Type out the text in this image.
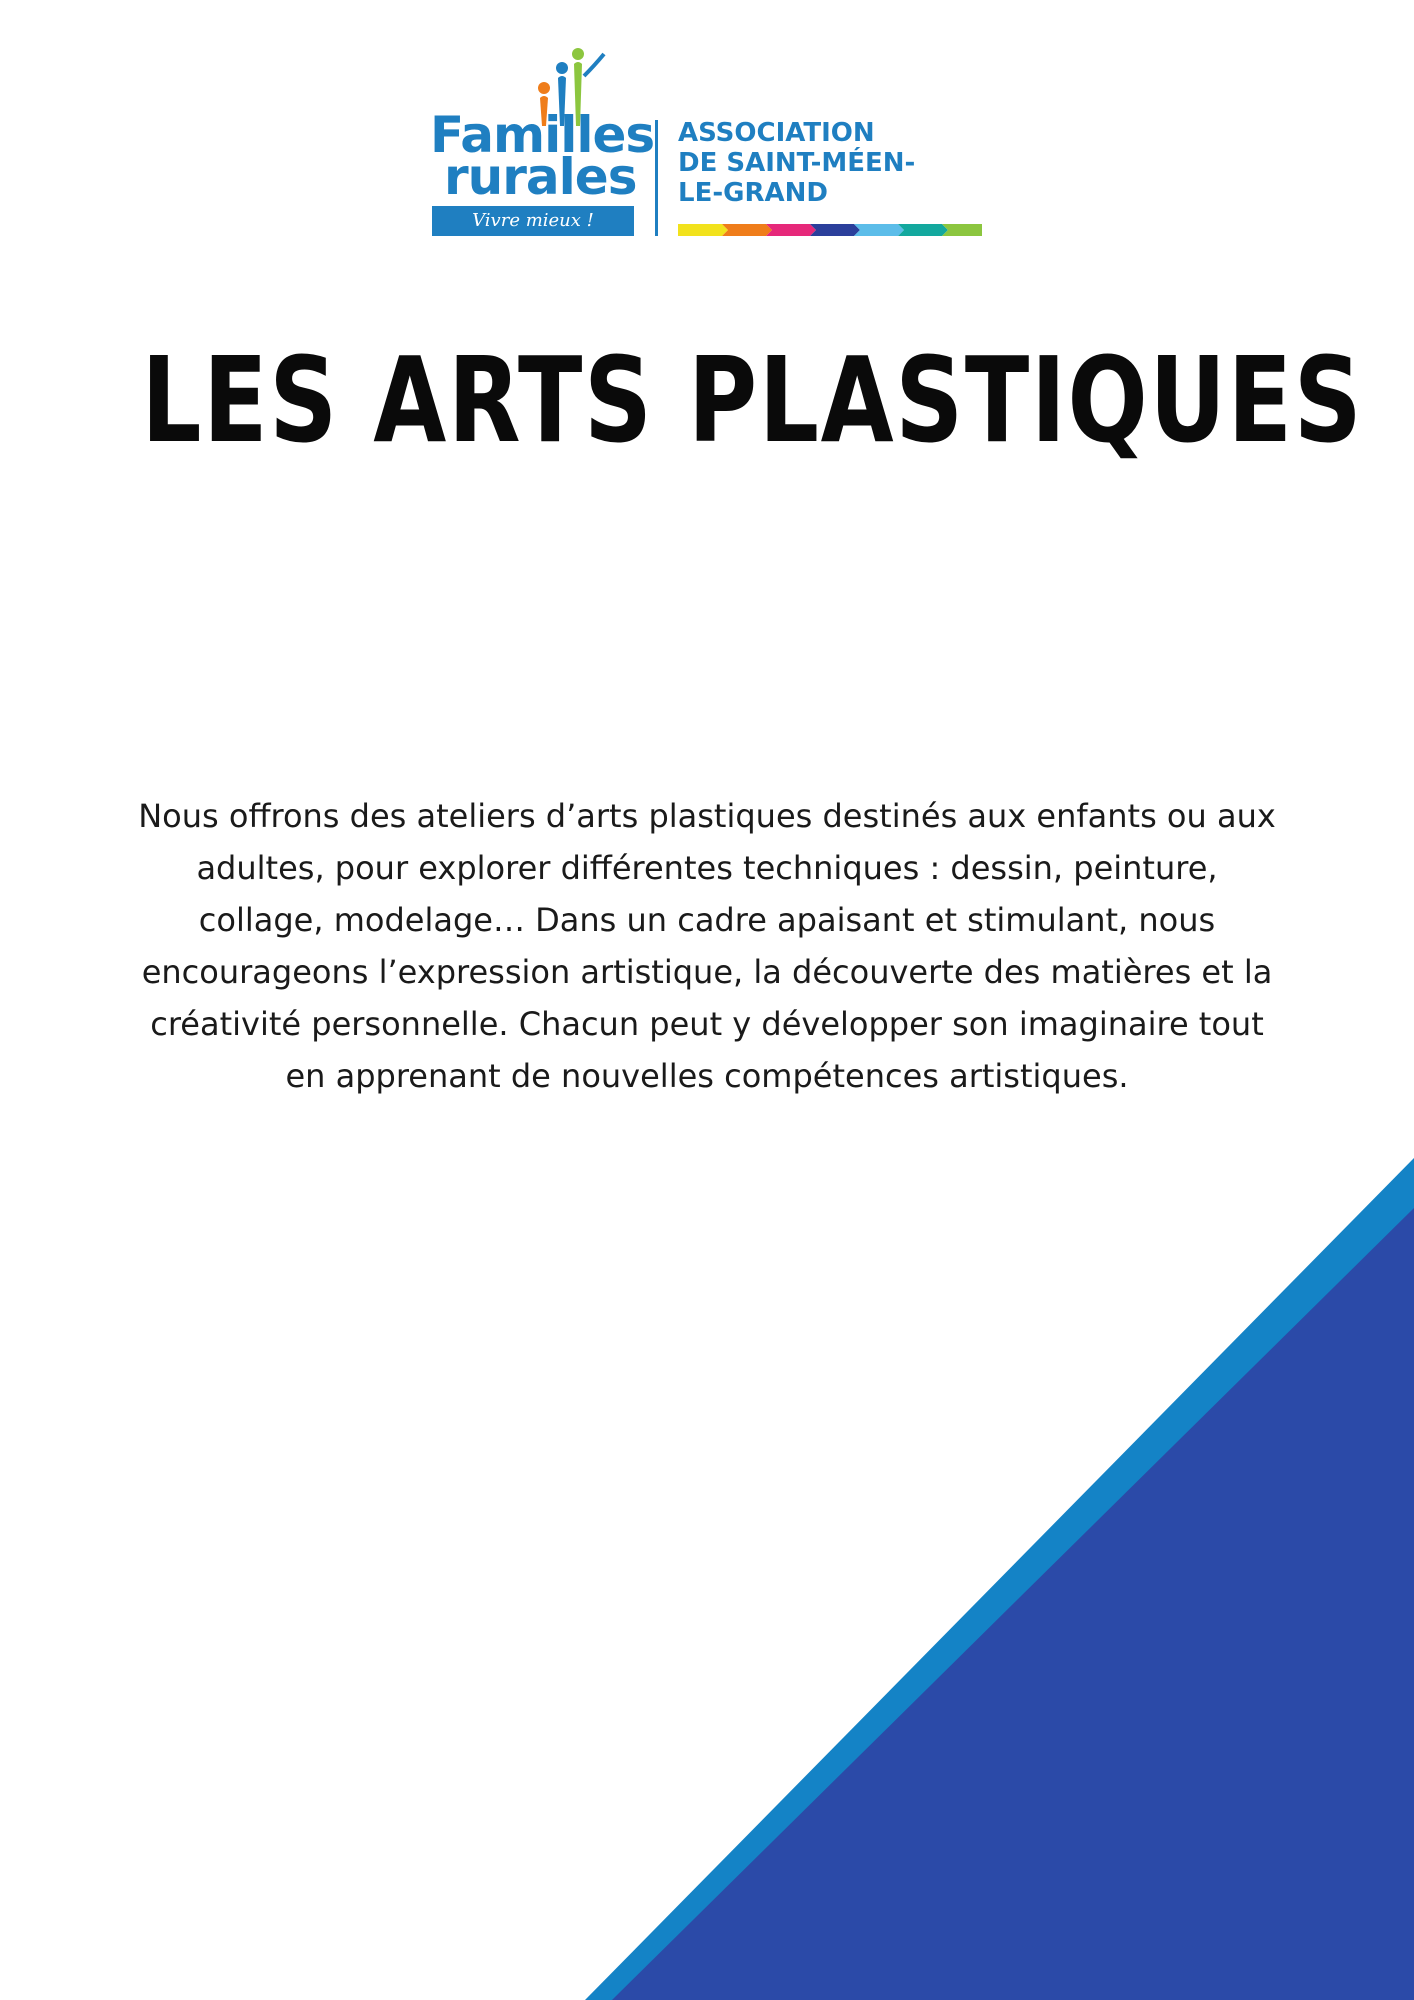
Familles
rurales
Vivre mieux !
ASSOCIATION
DE SAINT-MÉEN-
LE-GRAND
LES ARTS PLASTIQUES

Nous offrons des ateliers d’arts plastiques destinés aux enfants ou aux adultes, pour explorer différentes techniques : dessin, peinture, collage, modelage… Dans un cadre apaisant et stimulant, nous encourageons l’expression artistique, la découverte des matières et la créativité personnelle. Chacun peut y développer son imaginaire tout en apprenant de nouvelles compétences artistiques.
